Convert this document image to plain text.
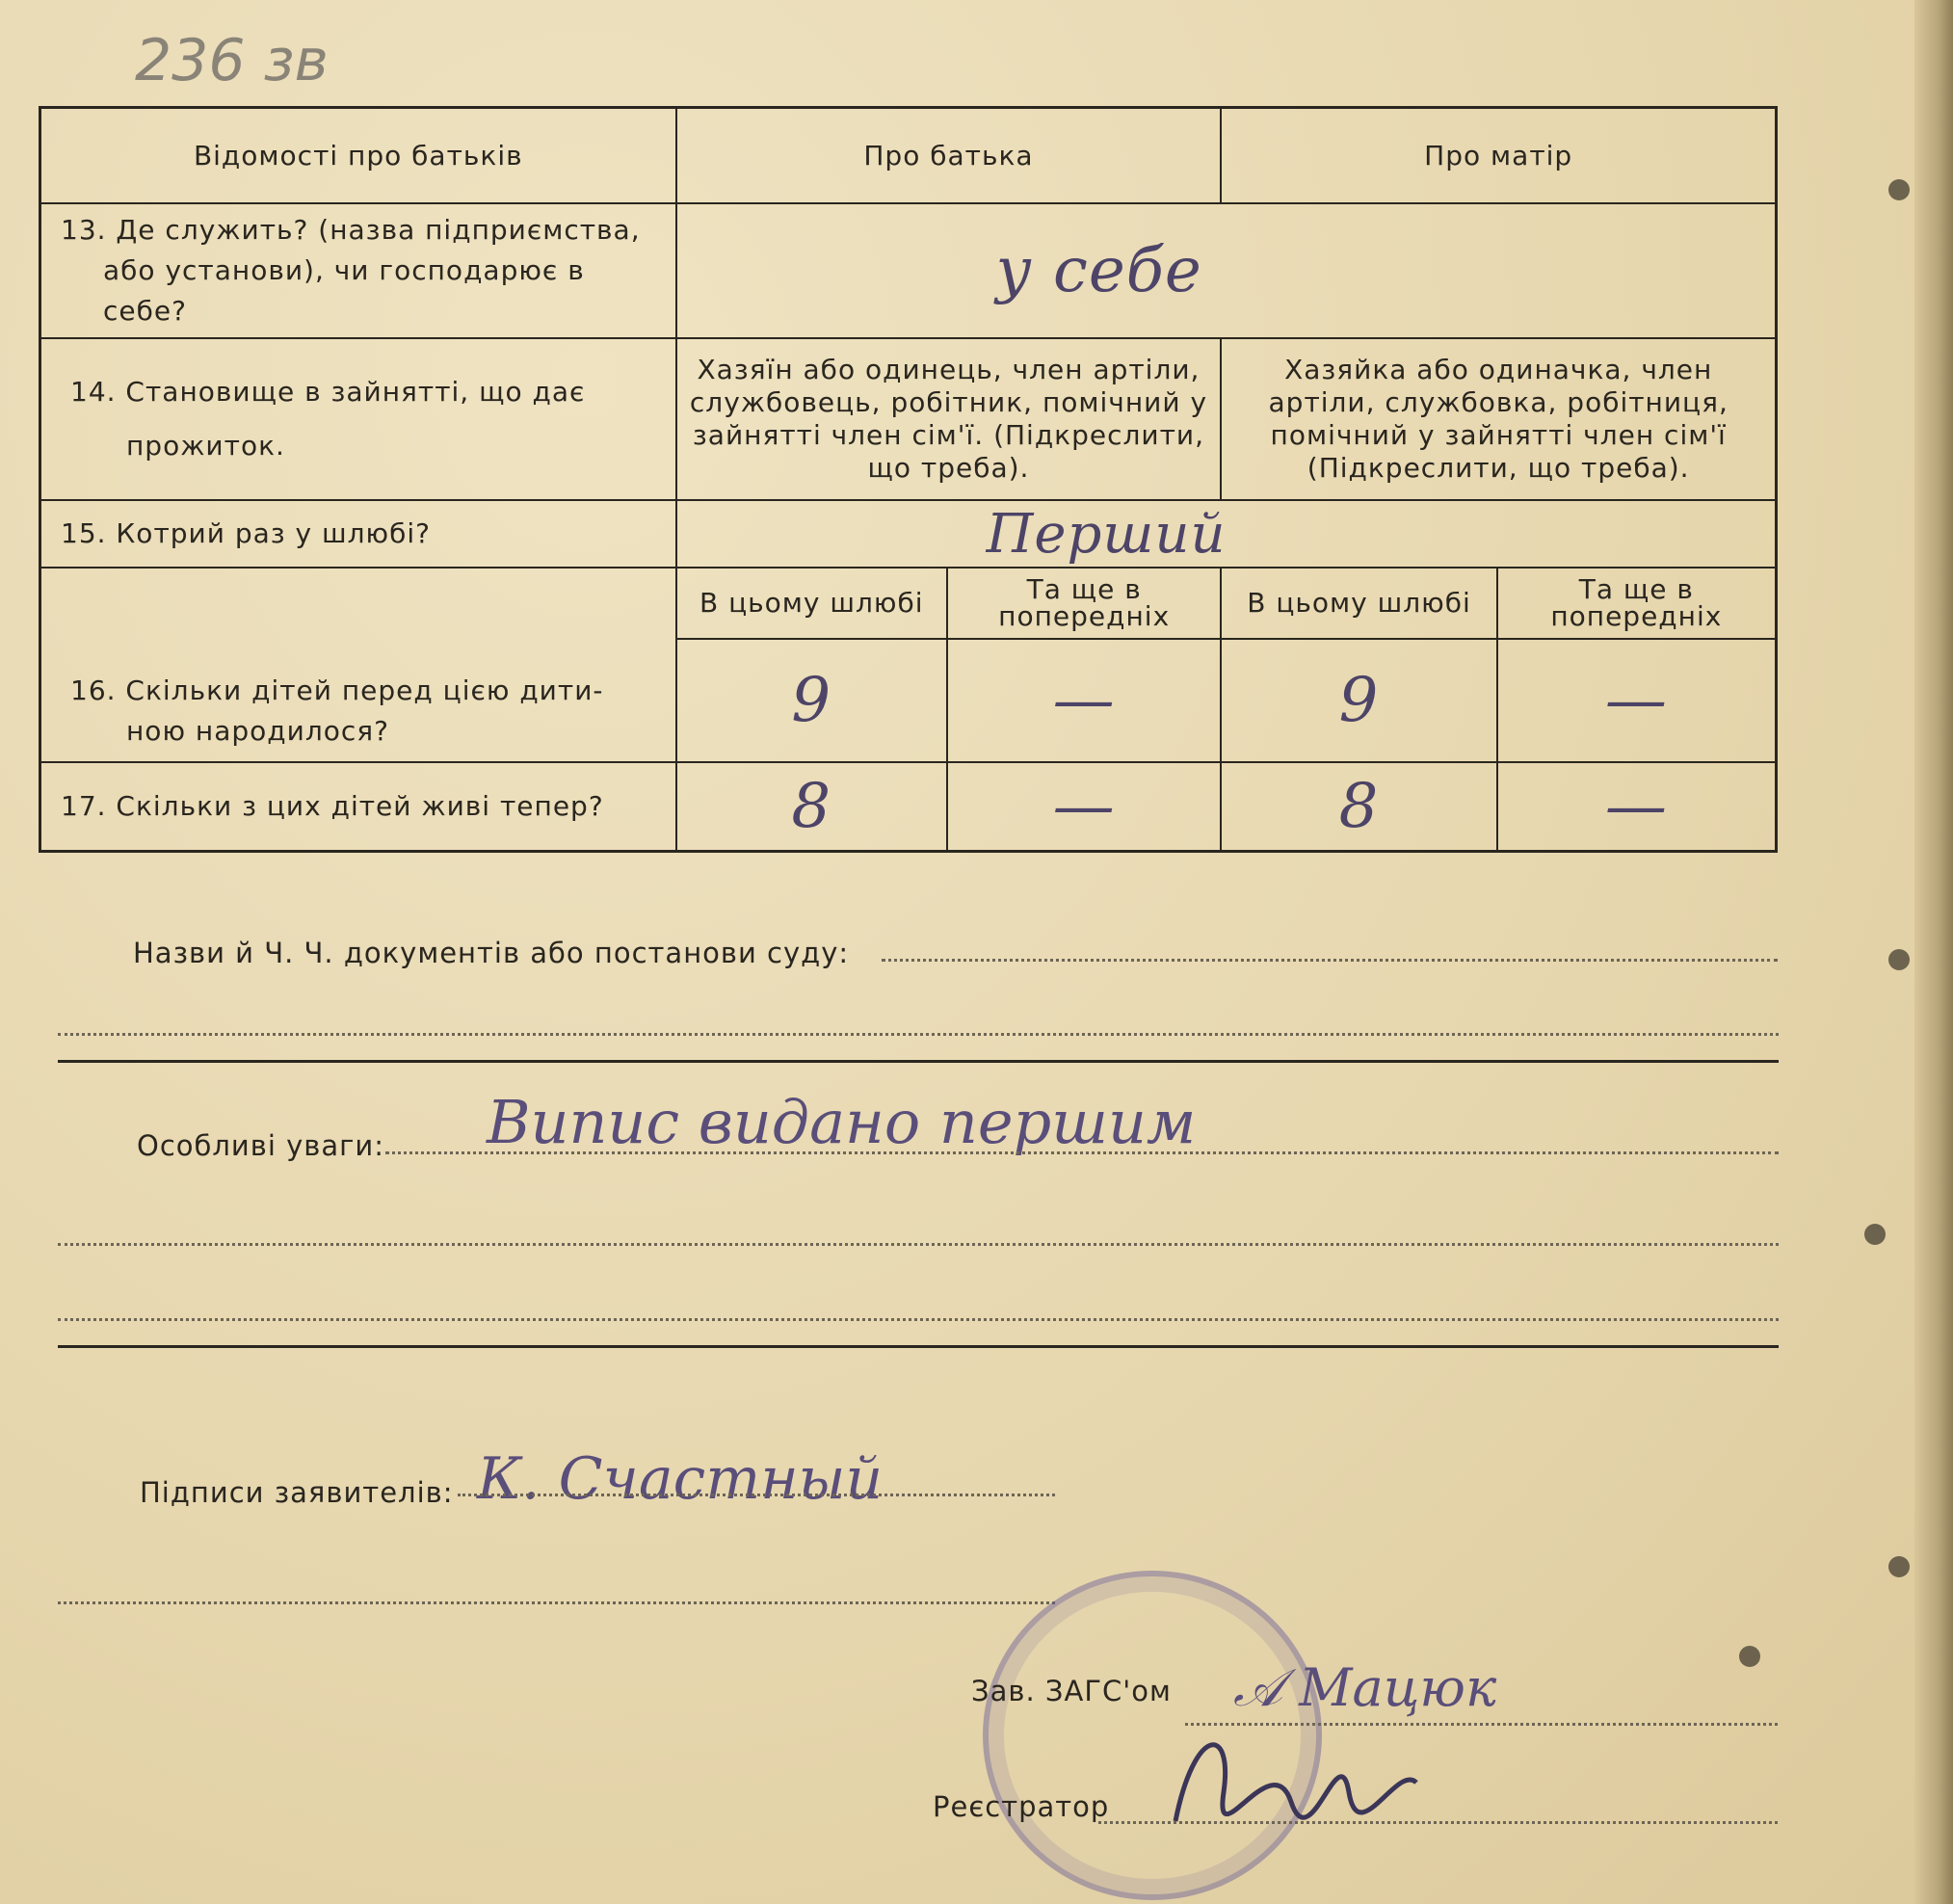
236 зв
Відомості про батьків	Про батька		Про матір	

13. Де служить? (назва підприємства,
або установи), чи господарює в себе?	у себе			

14. Становище в зайнятті, що дає
прожиток.	Хазяїн або одинець, член артіли, службовець, робітник, помічний у зайнятті член сім'ї. (Підкреслити, що треба).		Хазяйка або одиначка, член артіли, службовка, робітниця, помічний у зайнятті член сім'ї (Підкреслити, що треба).	
15. Котрий раз у шлюбі?	Перший			

16. Скільки дітей перед цією дити-
ною народилося?	В цьому шлюбі	Та ще в попередніх	В цьому шлюбі	Та ще в попередніх

	9	—	9	—

17. Скільки з цих дітей живі тепер?	8	—	8	—
Назви й Ч. Ч. документів або постанови суду:
Особливі уваги: Випис видано першим
Підписи заявителів: К. Счастный
Зав. ЗАГС'ом 𝒜 Мацюк
Реєстратор
